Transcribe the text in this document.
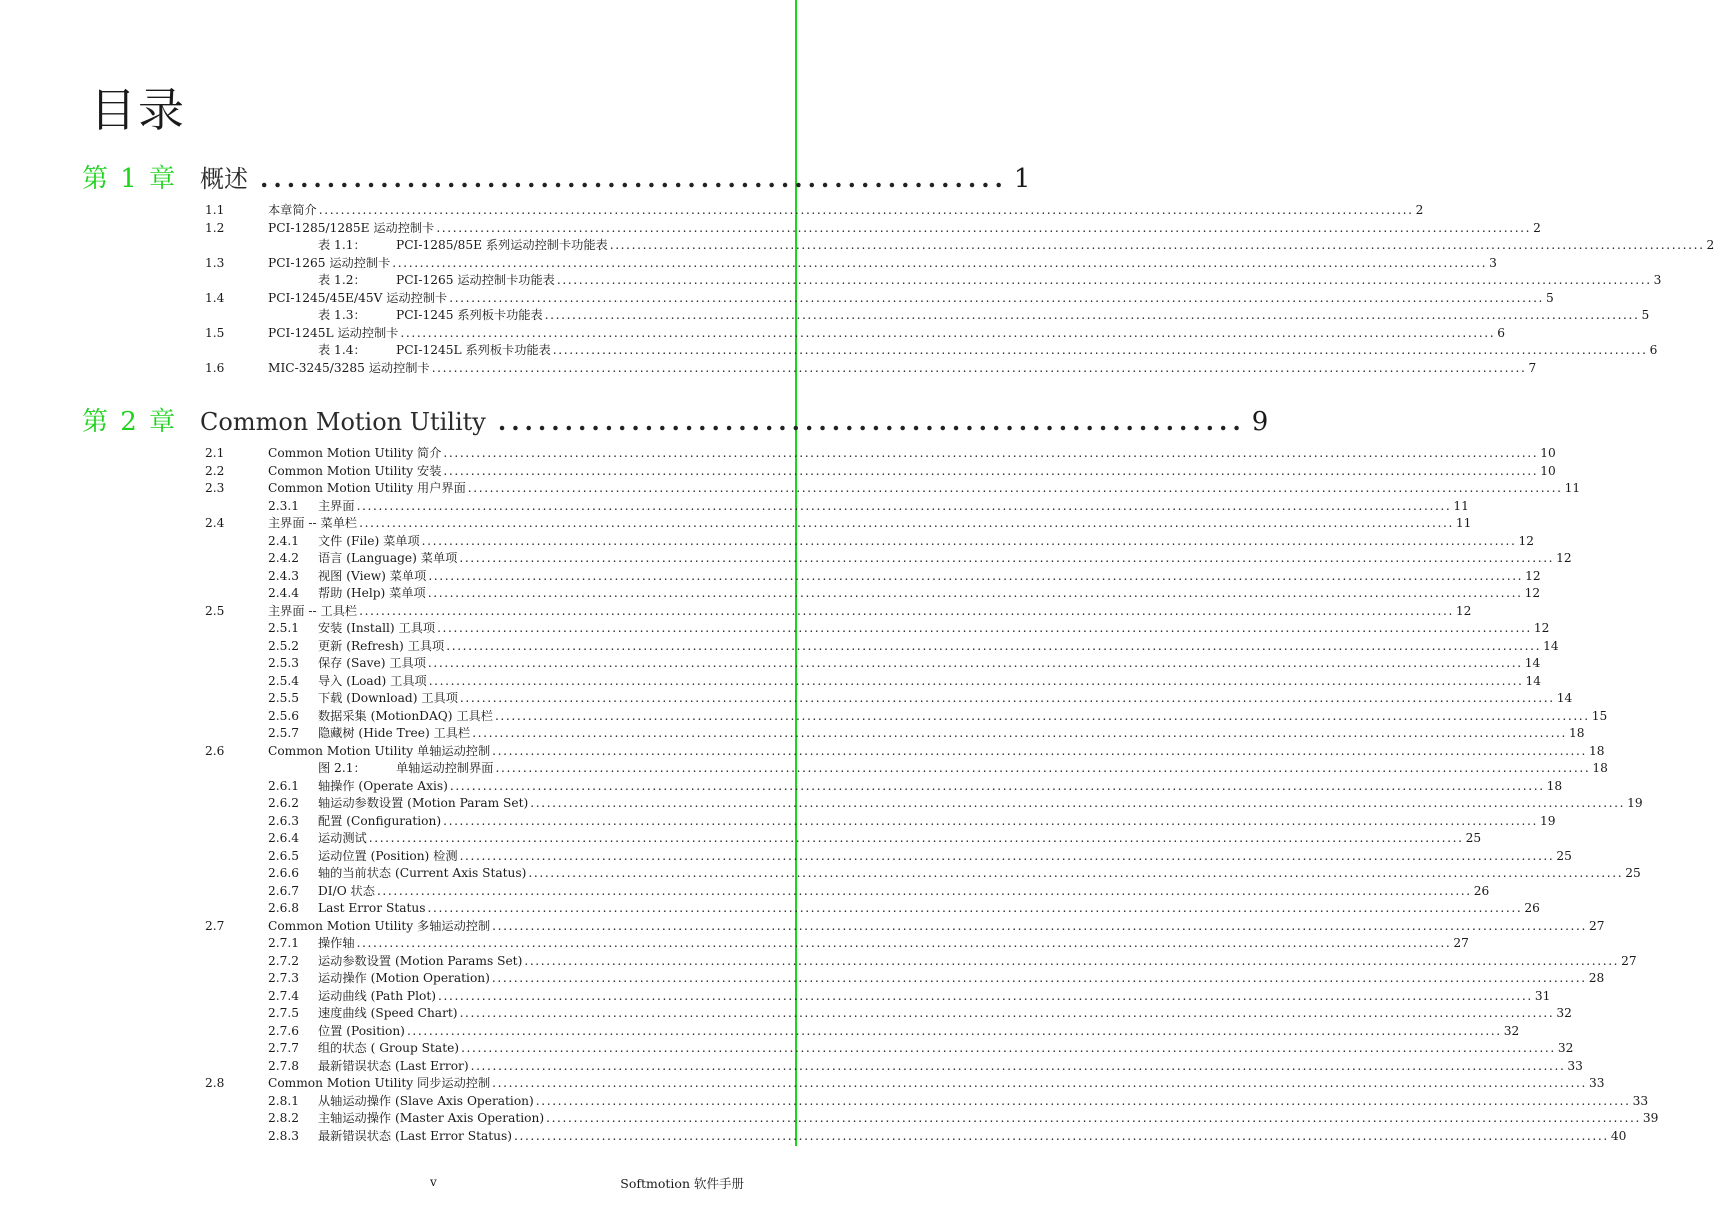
目录
第 1 章 概述 ........................................................ 1
1.1	本章简介 ........................................................................................................................................................................................................ 2
1.2	PCI-1285/1285E 运动控制卡 ........................................................................................................................................................................................................ 2
表 1.1：	PCI-1285/85E 系列运动控制卡功能表 ........................................................................................................................................................................................................ 2
1.3	PCI-1265 运动控制卡 ........................................................................................................................................................................................................ 3
表 1.2：	PCI-1265 运动控制卡功能表 ........................................................................................................................................................................................................ 3
1.4	PCI-1245/45E/45V 运动控制卡 ........................................................................................................................................................................................................ 5
表 1.3：	PCI-1245 系列板卡功能表 ........................................................................................................................................................................................................ 5
1.5	PCI-1245L 运动控制卡 ........................................................................................................................................................................................................ 6
表 1.4：	PCI-1245L 系列板卡功能表 ........................................................................................................................................................................................................ 6
1.6	MIC-3245/3285 运动控制卡 ........................................................................................................................................................................................................ 7
第 2 章 Common Motion Utility ........................................................ 9
2.1	Common Motion Utility 简介 ........................................................................................................................................................................................................ 10
2.2	Common Motion Utility 安装 ........................................................................................................................................................................................................ 10
2.3	Common Motion Utility 用户界面 ........................................................................................................................................................................................................ 11
2.3.1	主界面 ........................................................................................................................................................................................................ 11
2.4	主界面 -- 菜单栏 ........................................................................................................................................................................................................ 11
2.4.1	文件 (File) 菜单项 ........................................................................................................................................................................................................ 12
2.4.2	语言 (Language) 菜单项 ........................................................................................................................................................................................................ 12
2.4.3	视图 (View) 菜单项 ........................................................................................................................................................................................................ 12
2.4.4	帮助 (Help) 菜单项 ........................................................................................................................................................................................................ 12
2.5	主界面 -- 工具栏 ........................................................................................................................................................................................................ 12
2.5.1	安装 (Install) 工具项 ........................................................................................................................................................................................................ 12
2.5.2	更新 (Refresh) 工具项 ........................................................................................................................................................................................................ 14
2.5.3	保存 (Save) 工具项 ........................................................................................................................................................................................................ 14
2.5.4	导入 (Load) 工具项 ........................................................................................................................................................................................................ 14
2.5.5	下载 (Download) 工具项 ........................................................................................................................................................................................................ 14
2.5.6	数据采集 (MotionDAQ) 工具栏 ........................................................................................................................................................................................................ 15
2.5.7	隐藏树 (Hide Tree) 工具栏 ........................................................................................................................................................................................................ 18
2.6	Common Motion Utility 单轴运动控制 ........................................................................................................................................................................................................ 18
图 2.1：	单轴运动控制界面 ........................................................................................................................................................................................................ 18
2.6.1	轴操作 (Operate Axis) ........................................................................................................................................................................................................ 18
2.6.2	轴运动参数设置 (Motion Param Set) ........................................................................................................................................................................................................ 19
2.6.3	配置 (Configuration) ........................................................................................................................................................................................................ 19
2.6.4	运动测试 ........................................................................................................................................................................................................ 25
2.6.5	运动位置 (Position) 检测 ........................................................................................................................................................................................................ 25
2.6.6	轴的当前状态 (Current Axis Status) ........................................................................................................................................................................................................ 25
2.6.7	DI/O 状态 ........................................................................................................................................................................................................ 26
2.6.8	Last Error Status ........................................................................................................................................................................................................ 26
2.7	Common Motion Utility 多轴运动控制 ........................................................................................................................................................................................................ 27
2.7.1	操作轴 ........................................................................................................................................................................................................ 27
2.7.2	运动参数设置 (Motion Params Set) ........................................................................................................................................................................................................ 27
2.7.3	运动操作 (Motion Operation) ........................................................................................................................................................................................................ 28
2.7.4	运动曲线 (Path Plot) ........................................................................................................................................................................................................ 31
2.7.5	速度曲线 (Speed Chart) ........................................................................................................................................................................................................ 32
2.7.6	位置 (Position) ........................................................................................................................................................................................................ 32
2.7.7	组的状态 ( Group State) ........................................................................................................................................................................................................ 32
2.7.8	最新错误状态 (Last Error) ........................................................................................................................................................................................................ 33
2.8	Common Motion Utility 同步运动控制 ........................................................................................................................................................................................................ 33
2.8.1	从轴运动操作 (Slave Axis Operation) ........................................................................................................................................................................................................ 33
2.8.2	主轴运动操作 (Master Axis Operation) ........................................................................................................................................................................................................ 39
2.8.3	最新错误状态 (Last Error Status) ........................................................................................................................................................................................................ 40
v	Softmotion 软件手册
